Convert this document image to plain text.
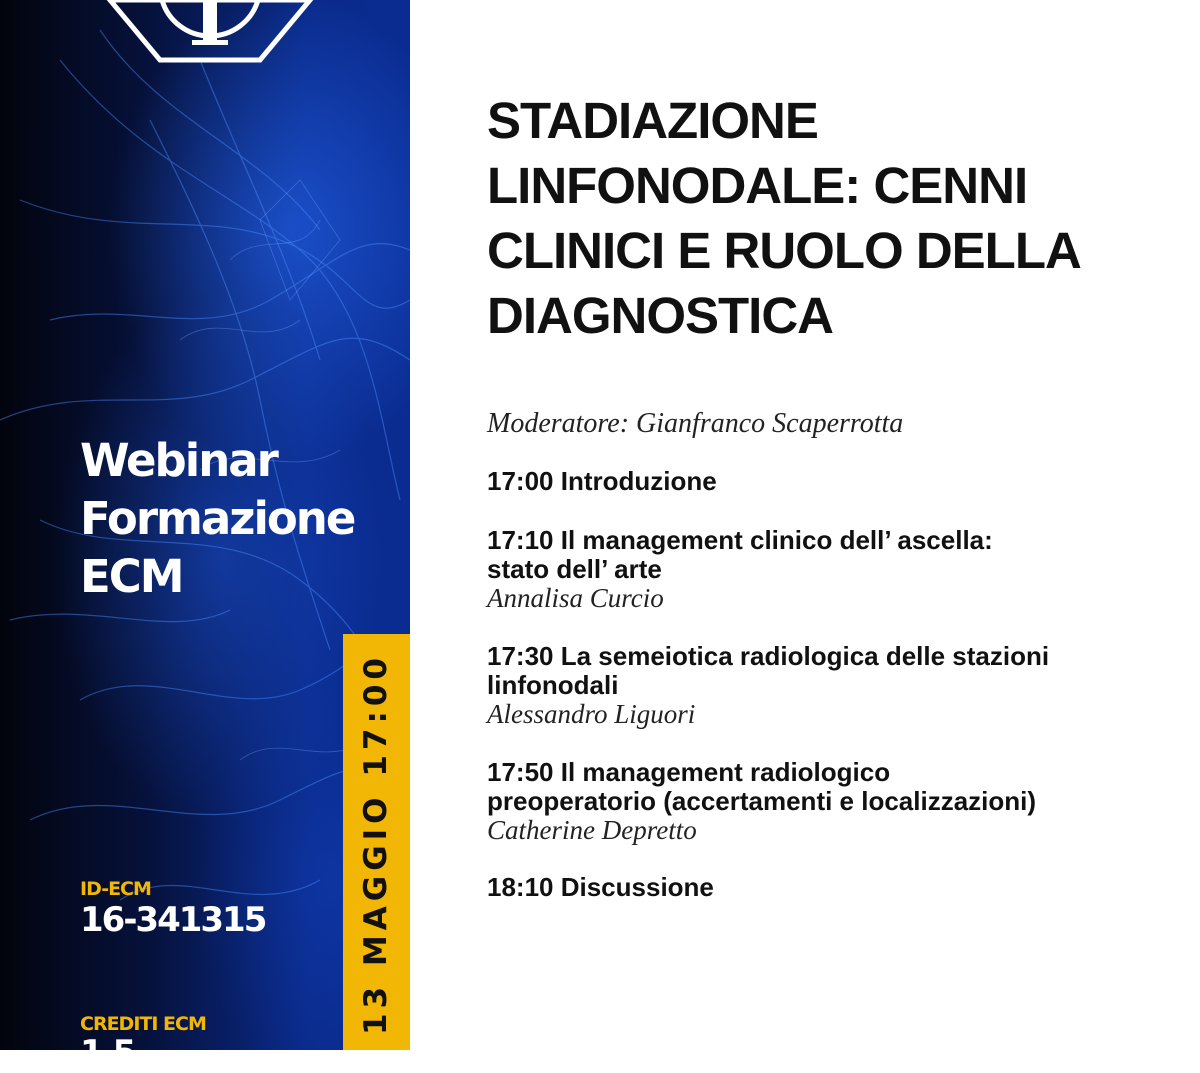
Webinar
Formazione
ECM
ID-ECM
16-341315
CREDITI ECM
1,5
13 MAGGIO 17:00
STADIAZIONE
LINFONODALE: CENNI
CLINICI E RUOLO DELLA
DIAGNOSTICA
Moderatore: Gianfranco Scaperrotta
17:00 Introduzione
17:10 Il management clinico dell’ ascella:
stato dell’ arte
Annalisa Curcio
17:30 La semeiotica radiologica delle stazioni
linfonodali
Alessandro Liguori
17:50 Il management radiologico
preoperatorio (accertamenti e localizzazioni)
Catherine Depretto
18:10 Discussione
